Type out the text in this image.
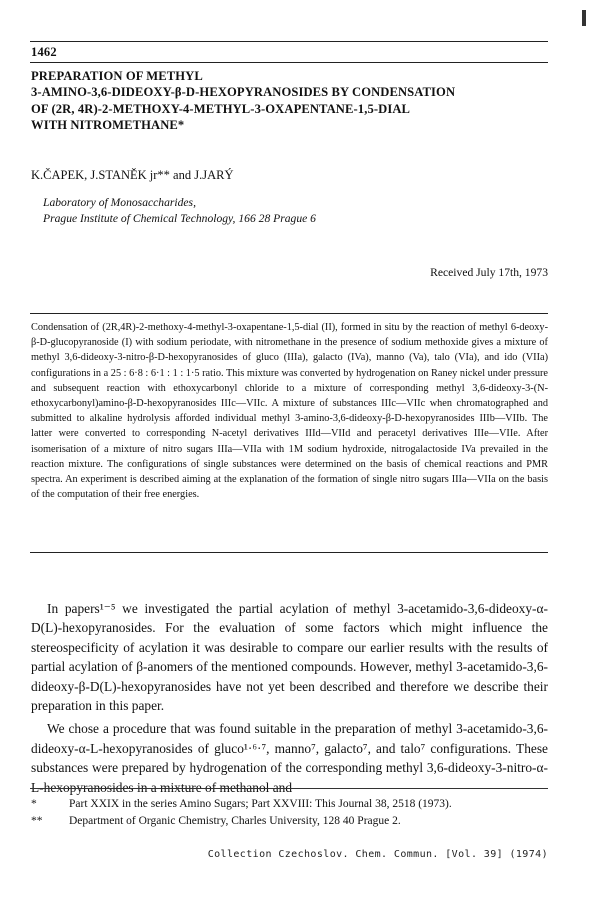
1462
PREPARATION OF METHYL
3-AMINO-3,6-DIDEOXY-β-D-HEXOPYRANOSIDES BY CONDENSATION
OF (2R, 4R)-2-METHOXY-4-METHYL-3-OXAPENTANE-1,5-DIAL
WITH NITROMETHANE*
K.ČAPEK, J.STANĚK jr** and J.JARÝ
Laboratory of Monosaccharides,
Prague Institute of Chemical Technology, 166 28 Prague 6
Received July 17th, 1973

Condensation of (2R,4R)-2-methoxy-4-methyl-3-oxapentane-1,5-dial (II), formed in situ by the reaction of methyl 6-deoxy-β-D-glucopyranoside (I) with sodium periodate, with nitromethane in the presence of sodium methoxide gives a mixture of methyl 3,6-dideoxy-3-nitro-β-D-hexopyranosides of gluco (IIIa), galacto (IVa), manno (Va), talo (VIa), and ido (VIIa) configurations in a 25 : 6·8 : 6·1 : 1 : 1·5 ratio. This mixture was converted by hydrogenation on Raney nickel under pressure and subsequent reaction with ethoxycarbonyl chloride to a mixture of corresponding methyl 3,6-dideoxy-3-(N-ethoxycarbonyl)amino-β-D-hexopyranosides IIIc—VIIc. A mixture of substances IIIc—VIIc when chromatographed and submitted to alkaline hydrolysis afforded individual methyl 3-amino-3,6-dideoxy-β-D-hexopyranosides IIIb—VIIb. The latter were converted to corresponding N-acetyl derivatives IIId—VIId and peracetyl derivatives IIIe—VIIe. After isomerisation of a mixture of nitro sugars IIIa—VIIa with 1M sodium hydroxide, nitrogalactoside IVa prevailed in the reaction mixture. The configurations of single substances were determined on the basis of chemical reactions and PMR spectra. An experiment is described aiming at the explanation of the formation of single nitro sugars IIIa—VIIa on the basis of the computation of their free energies.

In papers¹⁻⁵ we investigated the partial acylation of methyl 3-acetamido-3,6-dideoxy-α-D(L)-hexopyranosides. For the evaluation of some factors which might influence the stereospecificity of acylation it was desirable to compare our earlier results with the results of partial acylation of β-anomers of the mentioned compounds. However, methyl 3-acetamido-3,6-dideoxy-β-D(L)-hexopyranosides have not yet been described and therefore we describe their preparation in this paper.

We chose a procedure that was found suitable in the preparation of methyl 3-acetamido-3,6-dideoxy-α-L-hexopyranosides of gluco¹·⁶·⁷, manno⁷, galacto⁷, and talo⁷ configurations. These substances were prepared by hydrogenation of the corresponding methyl 3,6-dideoxy-3-nitro-α-L-hexopyranosides in a mixture of methanol and

*	Part XXIX in the series Amino Sugars; Part XXVIII: This Journal 38, 2518 (1973).
**	Department of Organic Chemistry, Charles University, 128 40 Prague 2.
Collection Czechoslov. Chem. Commun. [Vol. 39] (1974)
